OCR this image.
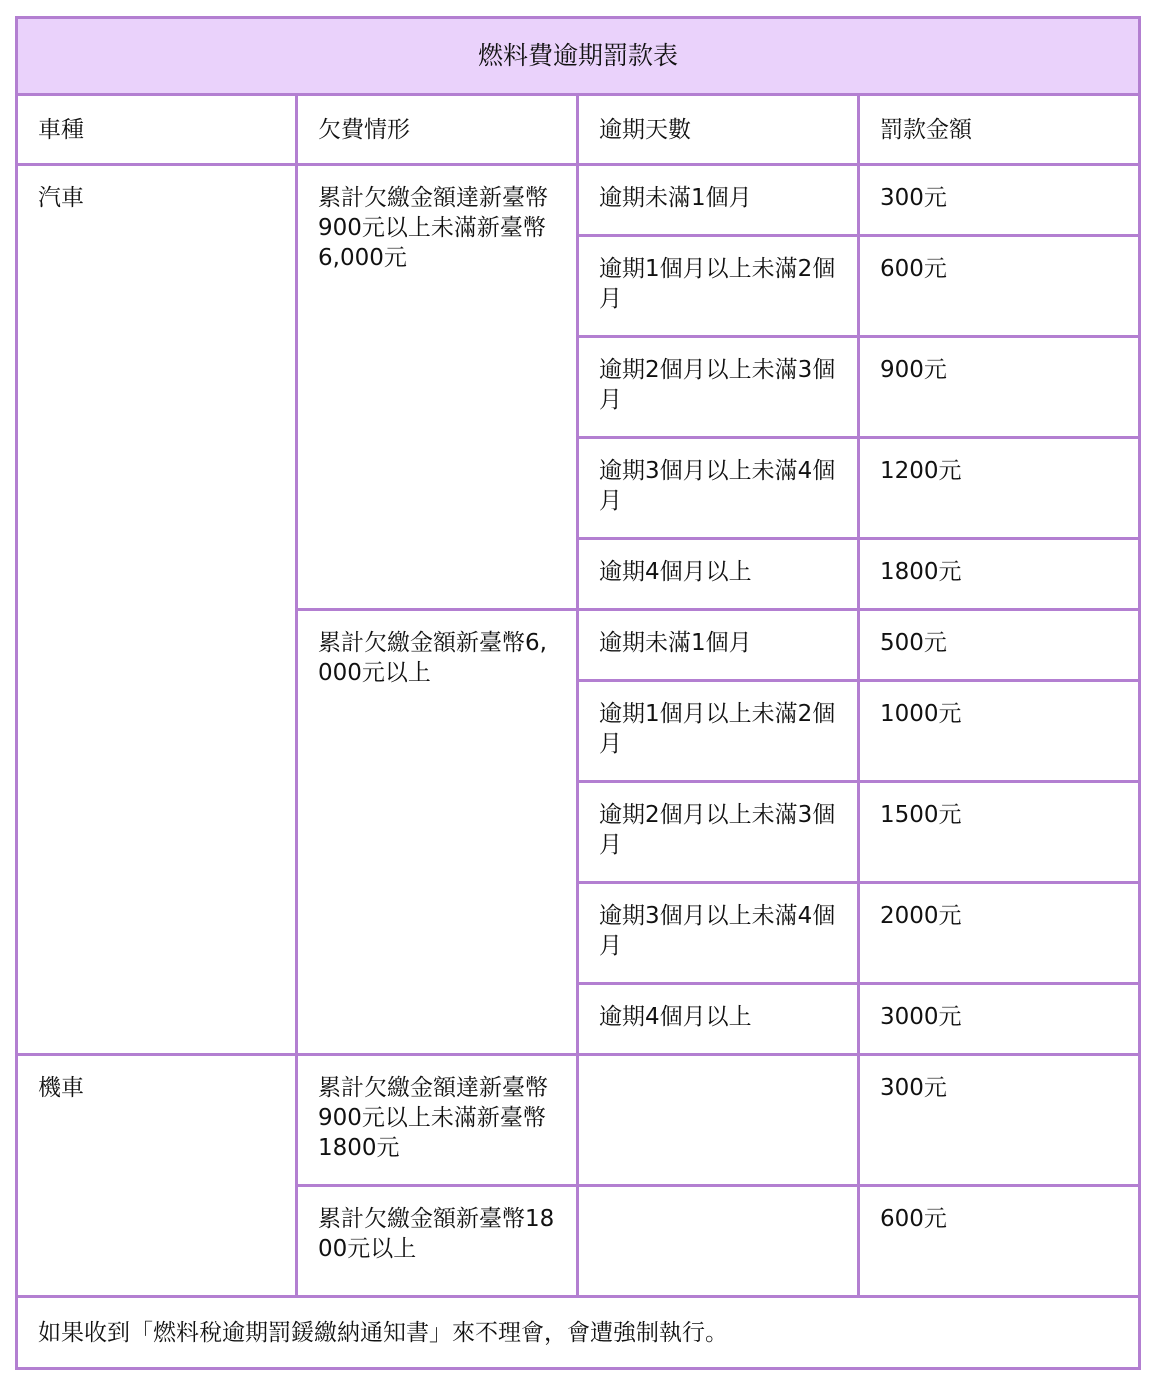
燃料費逾期罰款表			
車種	欠費情形	逾期天數	罰款金額
汽車	累計欠繳金額達新臺幣900元以上未滿新臺幣6,000元	逾期未滿1個月	300元
		逾期1個月以上未滿2個月	600元
		逾期2個月以上未滿3個月	900元
		逾期3個月以上未滿4個月	1200元
		逾期4個月以上	1800元
	累計欠繳金額新臺幣6,000元以上	逾期未滿1個月	500元
		逾期1個月以上未滿2個月	1000元
		逾期2個月以上未滿3個月	1500元
		逾期3個月以上未滿4個月	2000元
		逾期4個月以上	3000元
機車	累計欠繳金額達新臺幣900元以上未滿新臺幣1800元		300元
	累計欠繳金額新臺幣1800元以上		600元
如果收到「燃料稅逾期罰鍰繳納通知書」來不理會，會遭強制執行。			
